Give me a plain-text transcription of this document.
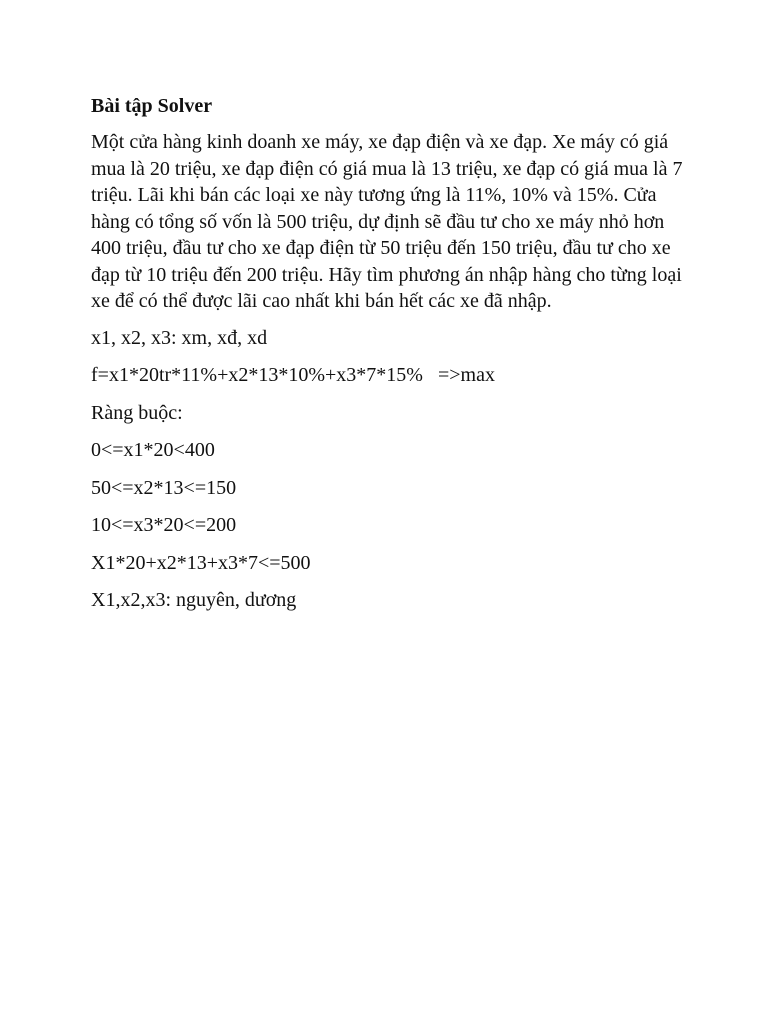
Bài tập Solver
Một cửa hàng kinh doanh xe máy, xe đạp điện và xe đạp. Xe máy có giá mua là 20 triệu, xe đạp điện có giá mua là 13 triệu, xe đạp có giá mua là 7 triệu. Lãi khi bán các loại xe này tương ứng là 11%, 10% và 15%. Cửa hàng có tổng số vốn là 500 triệu, dự định sẽ đầu tư cho xe máy nhỏ hơn 400 triệu, đầu tư cho xe đạp điện từ 50 triệu đến 150 triệu, đầu tư cho xe đạp từ 10 triệu đến 200 triệu. Hãy tìm phương án nhập hàng cho từng loại xe để có thể được lãi cao nhất khi bán hết các xe đã nhập.
x1, x2, x3: xm, xđ, xd
f=x1*20tr*11%+x2*13*10%+x3*7*15%   =>max
Ràng buộc:
0<=x1*20<400
50<=x2*13<=150
10<=x3*20<=200
X1*20+x2*13+x3*7<=500
X1,x2,x3: nguyên, dương
